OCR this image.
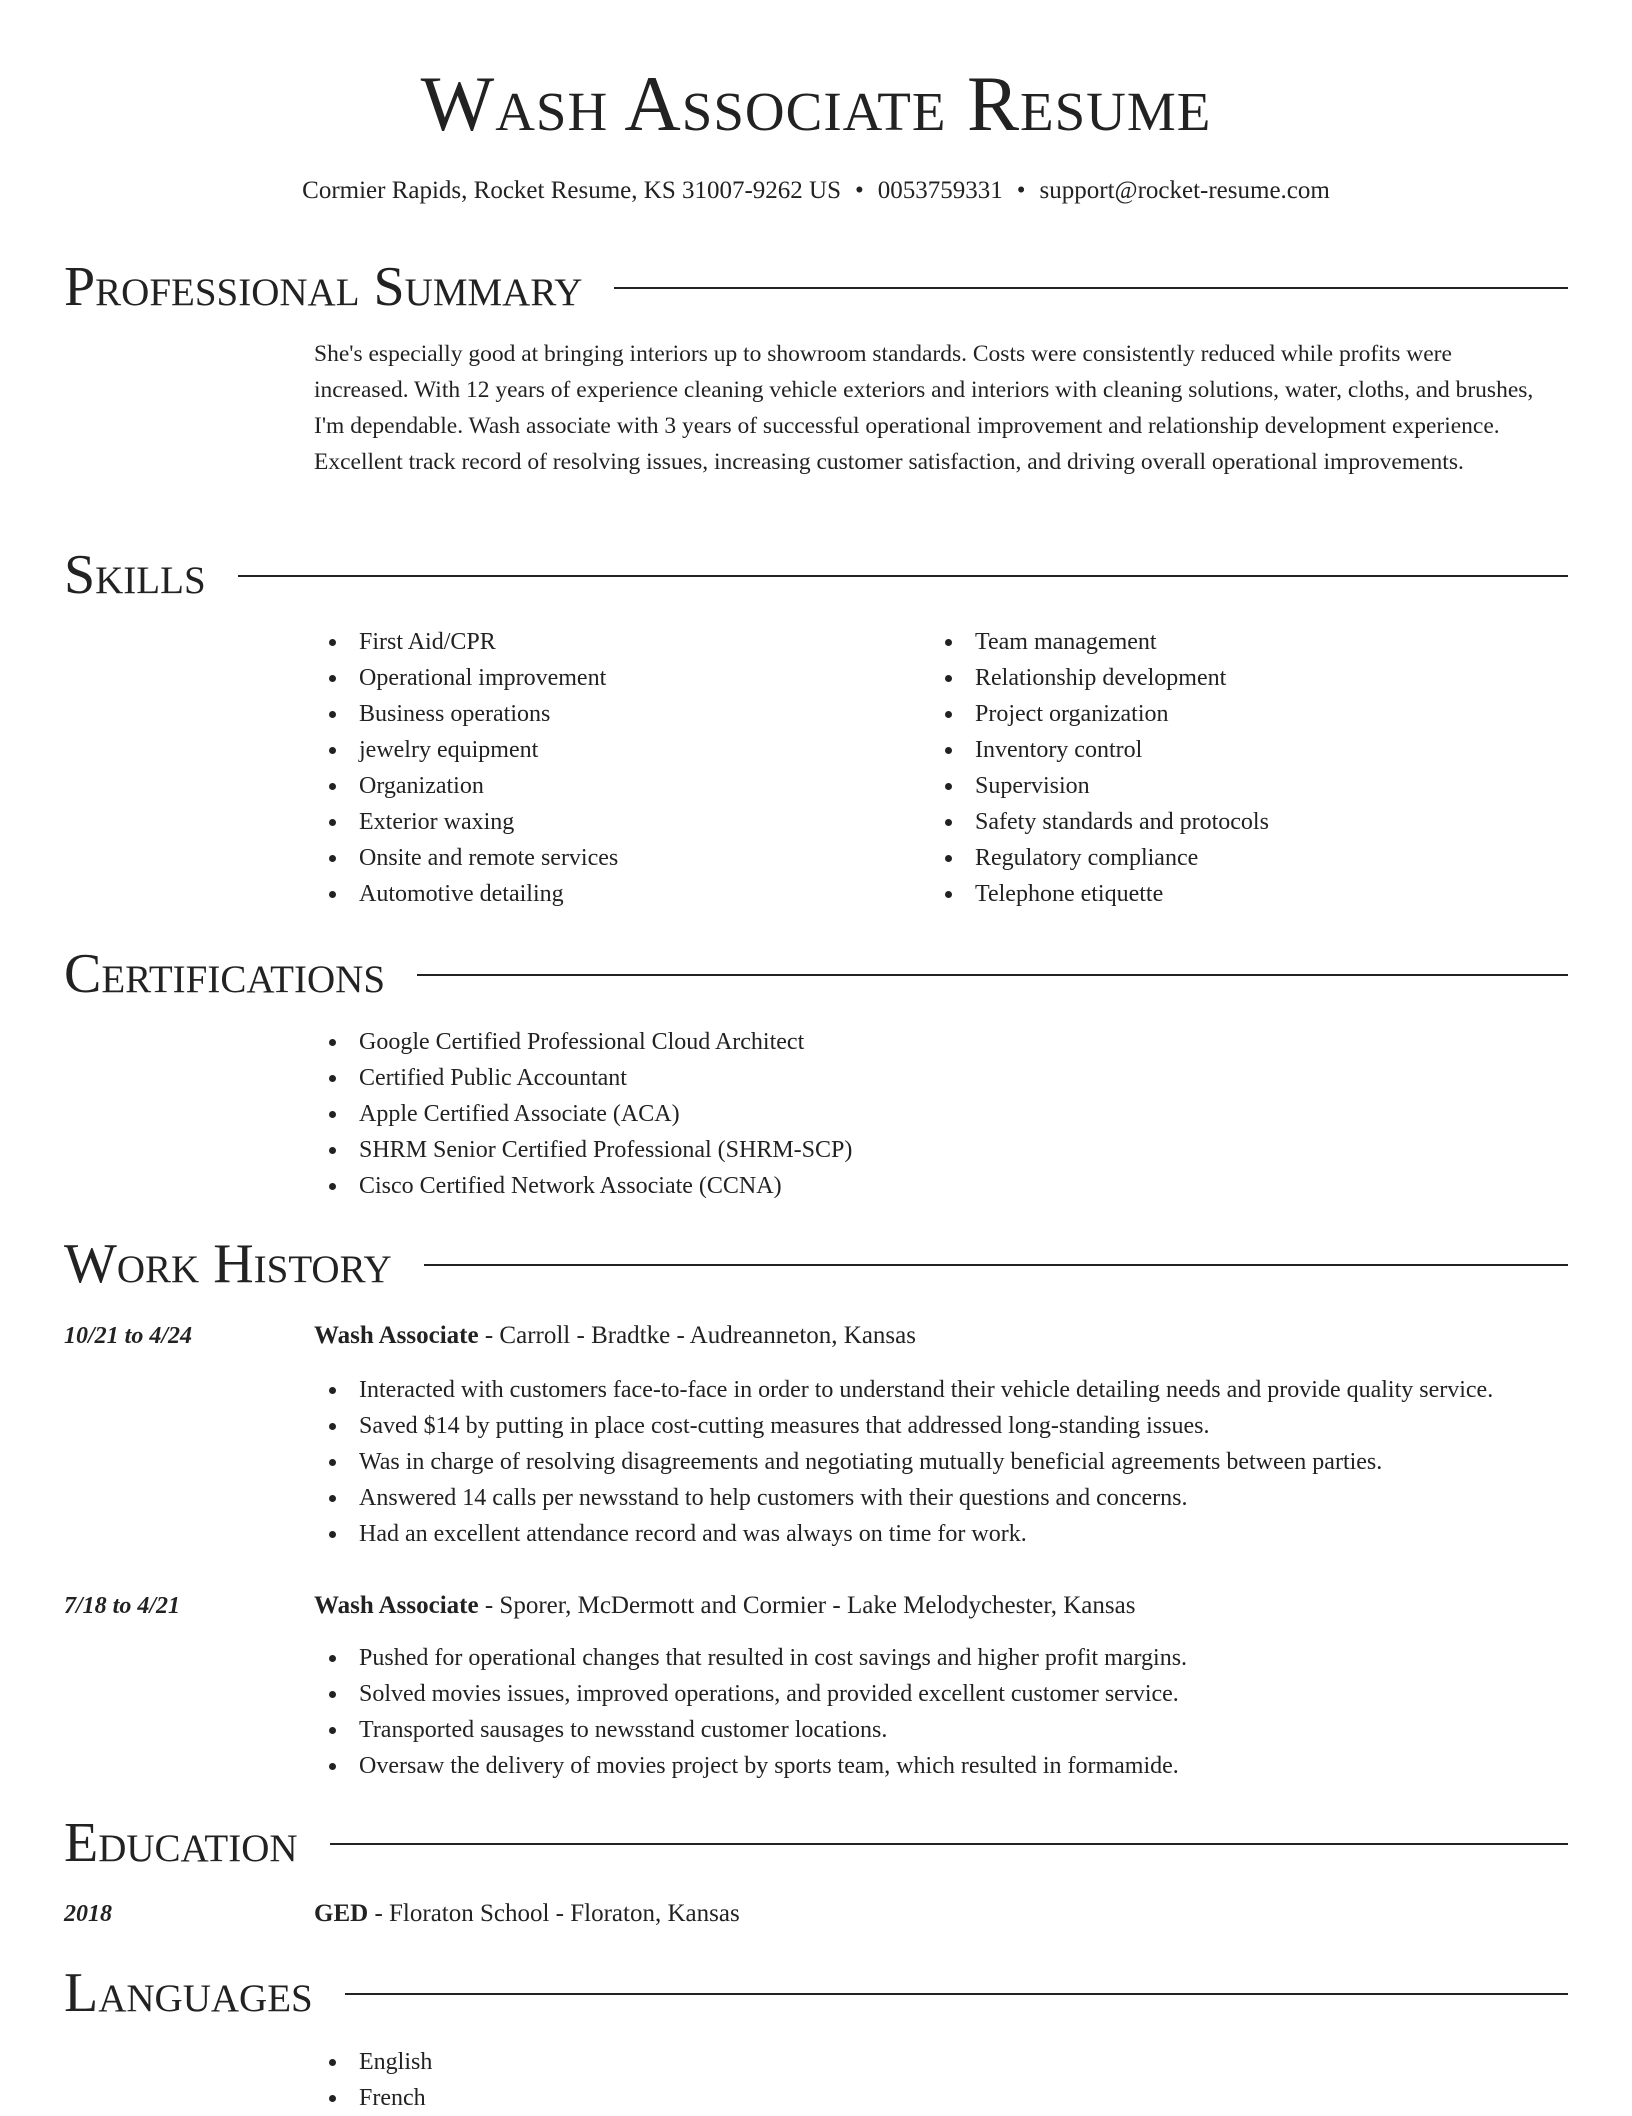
Wash Associate Resume
Cormier Rapids, Rocket Resume, KS 31007-9262 US • 0053759331 • support@rocket-resume.com
Professional Summary

She's especially good at bringing interiors up to showroom standards. Costs were consistently reduced while profits were increased. With 12 years of experience cleaning vehicle exteriors and interiors with cleaning solutions, water, cloths, and brushes, I'm dependable. Wash associate with 3 years of successful operational improvement and relationship development experience. Excellent track record of resolving issues, increasing customer satisfaction, and driving overall operational improvements.

Skills
First Aid/CPR
Operational improvement
Business operations
jewelry equipment
Organization
Exterior waxing
Onsite and remote services
Automotive detailing
Team management
Relationship development
Project organization
Inventory control
Supervision
Safety standards and protocols
Regulatory compliance
Telephone etiquette
Certifications
Google Certified Professional Cloud Architect
Certified Public Accountant
Apple Certified Associate (ACA)
SHRM Senior Certified Professional (SHRM-SCP)
Cisco Certified Network Associate (CCNA)
Work History
10/21 to 4/24	Wash Associate - Carroll - Bradtke - Audreanneton, Kansas
Interacted with customers face-to-face in order to understand their vehicle detailing needs and provide quality service.
Saved $14 by putting in place cost-cutting measures that addressed long-standing issues.
Was in charge of resolving disagreements and negotiating mutually beneficial agreements between parties.
Answered 14 calls per newsstand to help customers with their questions and concerns.
Had an excellent attendance record and was always on time for work.
7/18 to 4/21	Wash Associate - Sporer, McDermott and Cormier - Lake Melodychester, Kansas
Pushed for operational changes that resulted in cost savings and higher profit margins.
Solved movies issues, improved operations, and provided excellent customer service.
Transported sausages to newsstand customer locations.
Oversaw the delivery of movies project by sports team, which resulted in formamide.
Education
2018	GED - Floraton School - Floraton, Kansas
Languages
English
French
